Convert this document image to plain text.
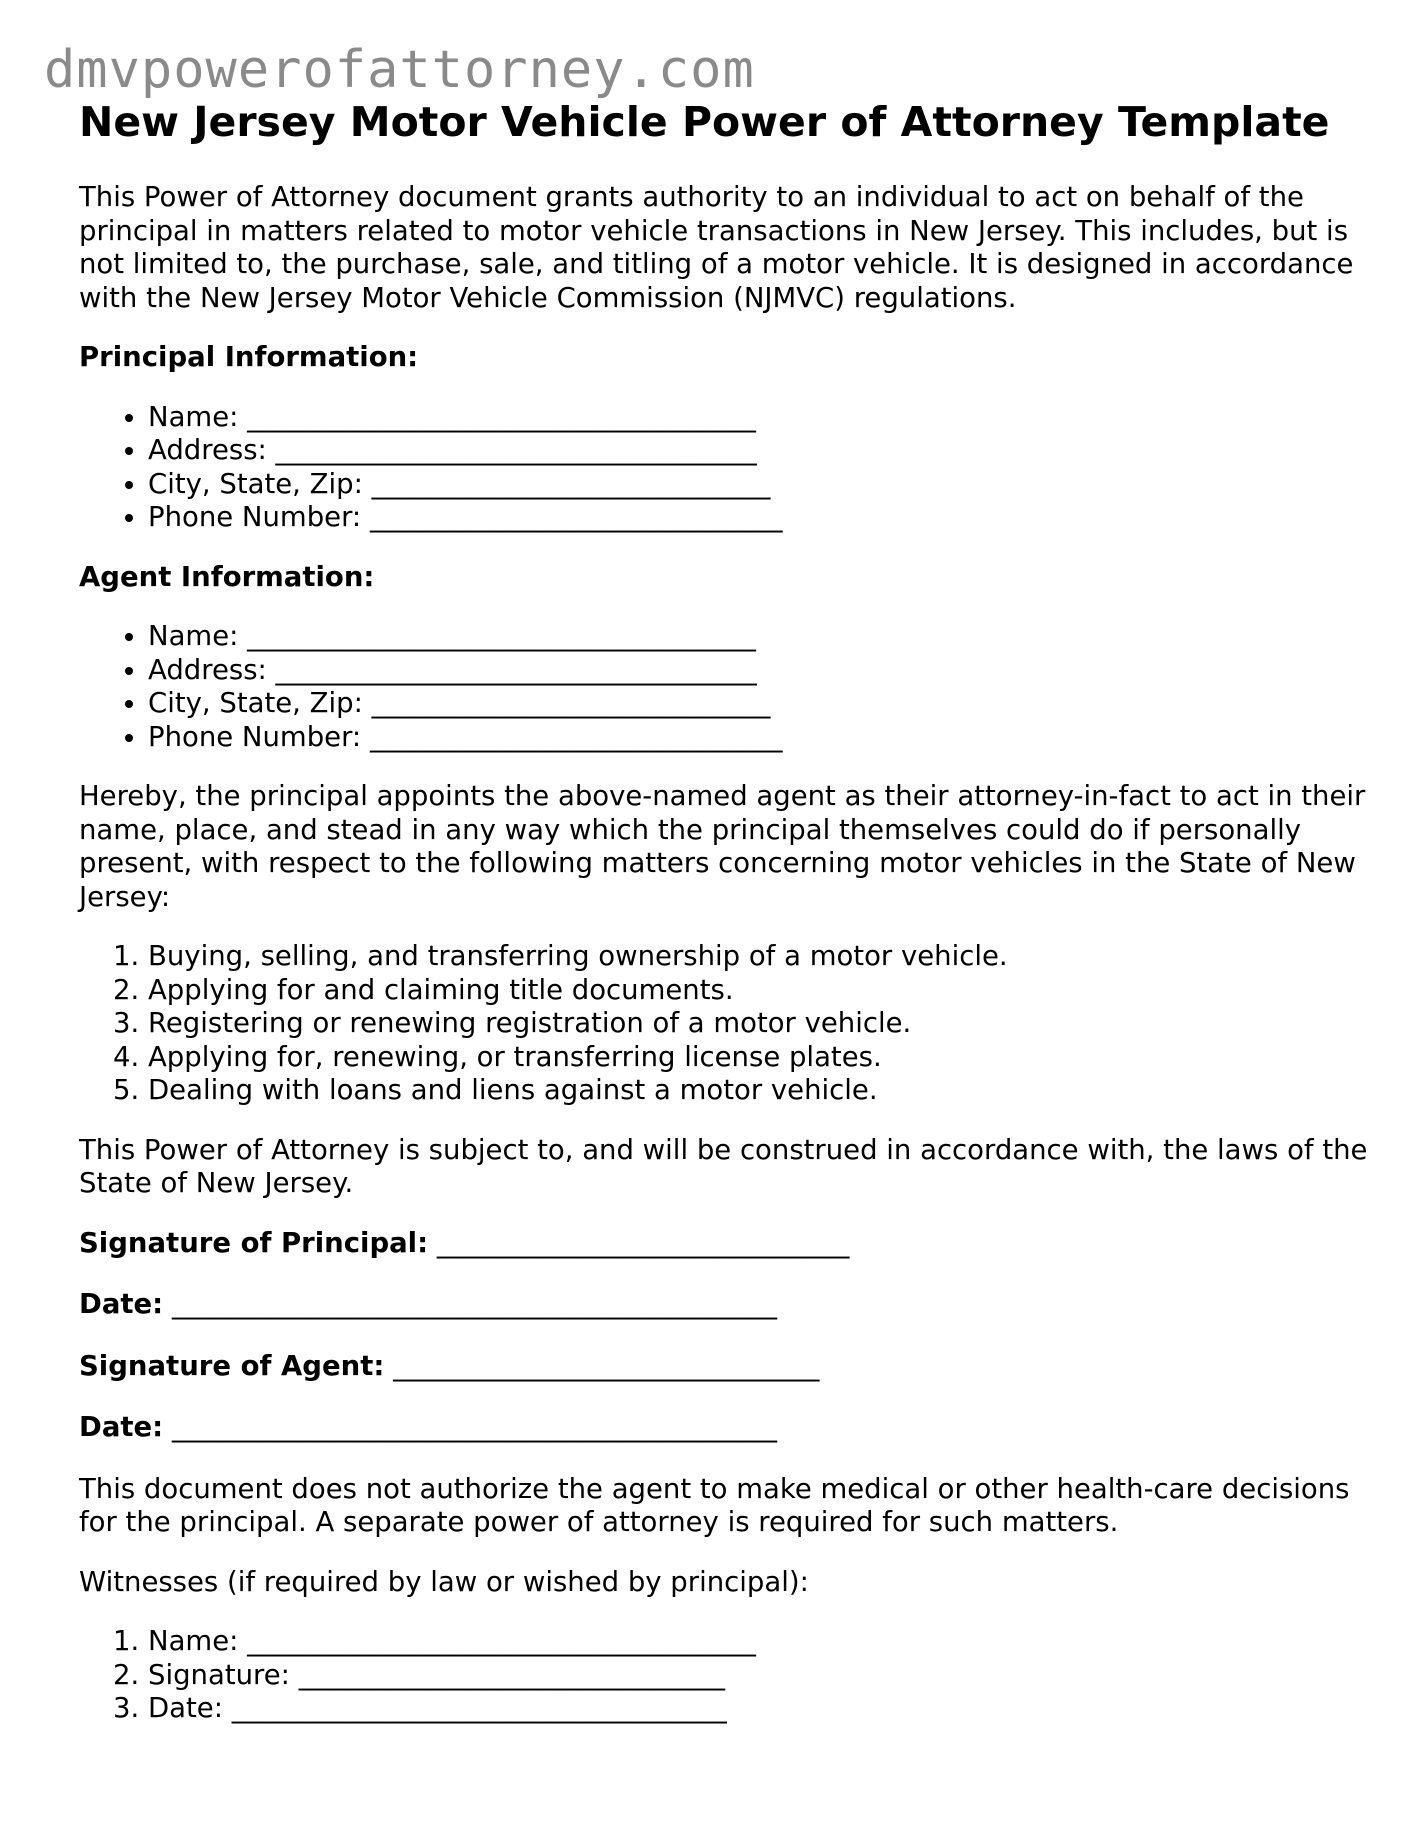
dmvpowerofattorney.com
New Jersey Motor Vehicle Power of Attorney Template

This Power of Attorney document grants authority to an individual to act on behalf of the principal in matters related to motor vehicle transactions in New Jersey. This includes, but is not limited to, the purchase, sale, and titling of a motor vehicle. It is designed in accordance with the New Jersey Motor Vehicle Commission (NJMVC) regulations.

Principal Information:

• Name: _____________________________________
• Address: ___________________________________
• City, State, Zip: _____________________________
• Phone Number: ______________________________

Agent Information:

• Name: _____________________________________
• Address: ___________________________________
• City, State, Zip: _____________________________
• Phone Number: ______________________________

Hereby, the principal appoints the above-named agent as their attorney-in-fact to act in their name, place, and stead in any way which the principal themselves could do if personally present, with respect to the following matters concerning motor vehicles in the State of New Jersey:

1. Buying, selling, and transferring ownership of a motor vehicle.
2. Applying for and claiming title documents.
3. Registering or renewing registration of a motor vehicle.
4. Applying for, renewing, or transferring license plates.
5. Dealing with loans and liens against a motor vehicle.

This Power of Attorney is subject to, and will be construed in accordance with, the laws of the State of New Jersey.

Signature of Principal: ______________________________
Date: ____________________________________________
Signature of Agent: _______________________________
Date: ____________________________________________

This document does not authorize the agent to make medical or other health-care decisions for the principal. A separate power of attorney is required for such matters.

Witnesses (if required by law or wished by principal):

1. Name: _____________________________________
2. Signature: _______________________________
3. Date: ____________________________________
